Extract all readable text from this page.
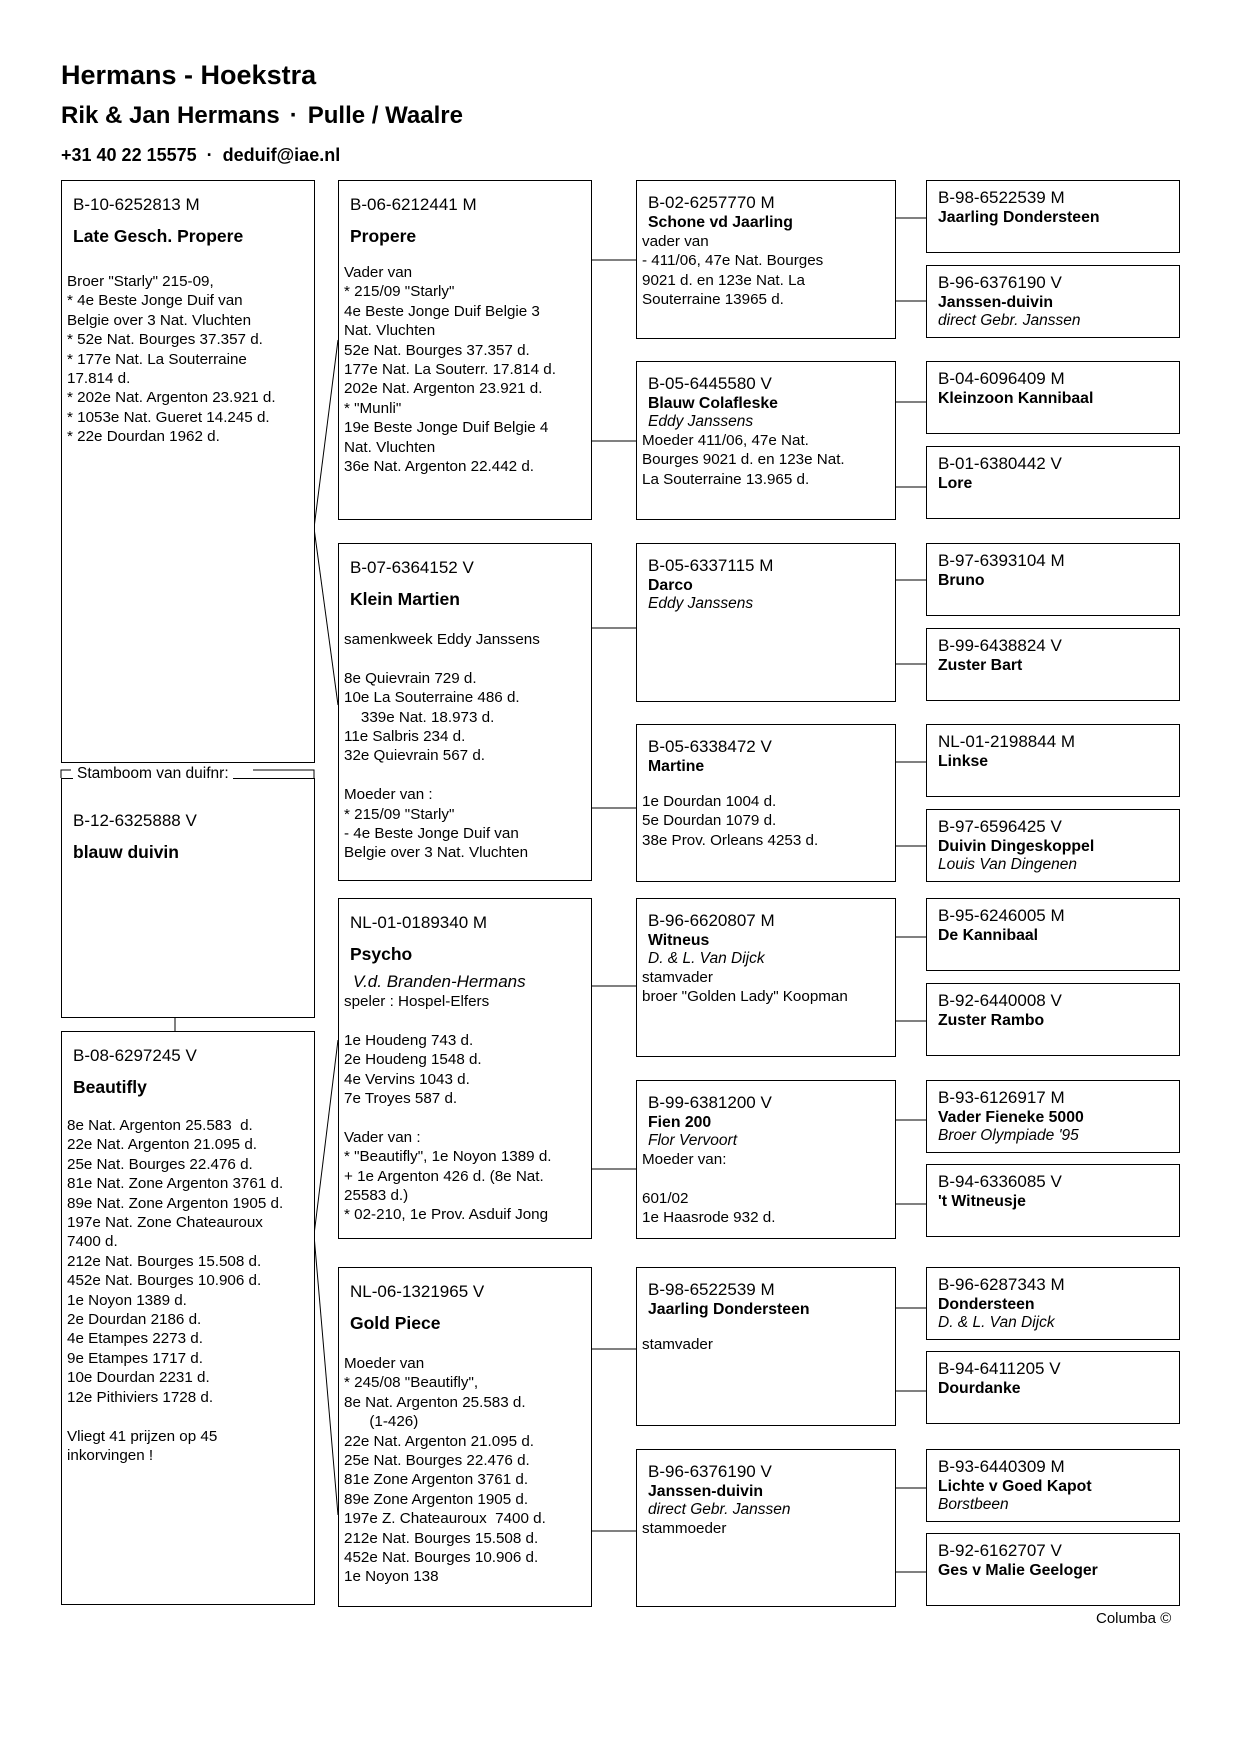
Hermans - Hoekstra
Rik & Jan Hermans · Pulle / Waalre
+31 40 22 15575 · deduif@iae.nl
B-10-6252813 M
Late Gesch. Propere
Broer "Starly" 215-09,
* 4e Beste Jonge Duif van
Belgie over 3 Nat. Vluchten
* 52e Nat. Bourges 37.357 d.
* 177e Nat. La Souterraine
17.814 d.
* 202e Nat. Argenton 23.921 d.
* 1053e Nat. Gueret 14.245 d.
* 22e Dourdan 1962 d.
B-12-6325888 V
blauw duivin
Stamboom van duifnr:
B-08-6297245 V
Beautifly
8e Nat. Argenton 25.583  d.
22e Nat. Argenton 21.095 d.
25e Nat. Bourges 22.476 d.
81e Nat. Zone Argenton 3761 d.
89e Nat. Zone Argenton 1905 d.
197e Nat. Zone Chateauroux
7400 d.
212e Nat. Bourges 15.508 d.
452e Nat. Bourges 10.906 d.
1e Noyon 1389 d.
2e Dourdan 2186 d.
4e Etampes 2273 d.
9e Etampes 1717 d.
10e Dourdan 2231 d.
12e Pithiviers 1728 d.

Vliegt 41 prijzen op 45
inkorvingen !
B-06-6212441 M
Propere
Vader van
* 215/09 "Starly"
4e Beste Jonge Duif Belgie 3
Nat. Vluchten
52e Nat. Bourges 37.357 d.
177e Nat. La Souterr. 17.814 d.
202e Nat. Argenton 23.921 d.
* "Munli"
19e Beste Jonge Duif Belgie 4
Nat. Vluchten
36e Nat. Argenton 22.442 d.
B-07-6364152 V
Klein Martien
samenkweek Eddy Janssens

8e Quievrain 729 d.
10e La Souterraine 486 d.
339e Nat. 18.973 d.
11e Salbris 234 d.
32e Quievrain 567 d.

Moeder van :
* 215/09 "Starly"
- 4e Beste Jonge Duif van
Belgie over 3 Nat. Vluchten
NL-01-0189340 M
Psycho
V.d. Branden-Hermans
speler : Hospel-Elfers

1e Houdeng 743 d.
2e Houdeng 1548 d.
4e Vervins 1043 d.
7e Troyes 587 d.

Vader van :
* "Beautifly", 1e Noyon 1389 d.
+ 1e Argenton 426 d. (8e Nat.
25583 d.)
* 02-210, 1e Prov. Asduif Jong
NL-06-1321965 V
Gold Piece
Moeder van
* 245/08 "Beautifly",
8e Nat. Argenton 25.583 d.
(1-426)
22e Nat. Argenton 21.095 d.
25e Nat. Bourges 22.476 d.
81e Zone Argenton 3761 d.
89e Zone Argenton 1905 d.
197e Z. Chateauroux  7400 d.
212e Nat. Bourges 15.508 d.
452e Nat. Bourges 10.906 d.
1e Noyon 138
B-02-6257770 M
Schone vd Jaarling
vader van
- 411/06, 47e Nat. Bourges
9021 d. en 123e Nat. La
Souterraine 13965 d.
B-05-6445580 V
Blauw Colafleske
Eddy Janssens
Moeder 411/06, 47e Nat.
Bourges 9021 d. en 123e Nat.
La Souterraine 13.965 d.
B-05-6337115 M
Darco
Eddy Janssens
B-05-6338472 V
Martine
1e Dourdan 1004 d.
5e Dourdan 1079 d.
38e Prov. Orleans 4253 d.
B-96-6620807 M
Witneus
D. & L. Van Dijck
stamvader
broer "Golden Lady" Koopman
B-99-6381200 V
Fien 200
Flor Vervoort
Moeder van:

601/02
1e Haasrode 932 d.
B-98-6522539 M
Jaarling Dondersteen
stamvader
B-96-6376190 V
Janssen-duivin
direct Gebr. Janssen
stammoeder
B-98-6522539 M
Jaarling Dondersteen
B-96-6376190 V
Janssen-duivin
direct Gebr. Janssen
B-04-6096409 M
Kleinzoon Kannibaal
B-01-6380442 V
Lore
B-97-6393104 M
Bruno
B-99-6438824 V
Zuster Bart
NL-01-2198844 M
Linkse
B-97-6596425 V
Duivin Dingeskoppel
Louis Van Dingenen
B-95-6246005 M
De Kannibaal
B-92-6440008 V
Zuster Rambo
B-93-6126917 M
Vader Fieneke 5000
Broer Olympiade '95
B-94-6336085 V
't Witneusje
B-96-6287343 M
Dondersteen
D. & L. Van Dijck
B-94-6411205 V
Dourdanke
B-93-6440309 M
Lichte v Goed Kapot
Borstbeen
B-92-6162707 V
Ges v Malie Geeloger
Columba ©
